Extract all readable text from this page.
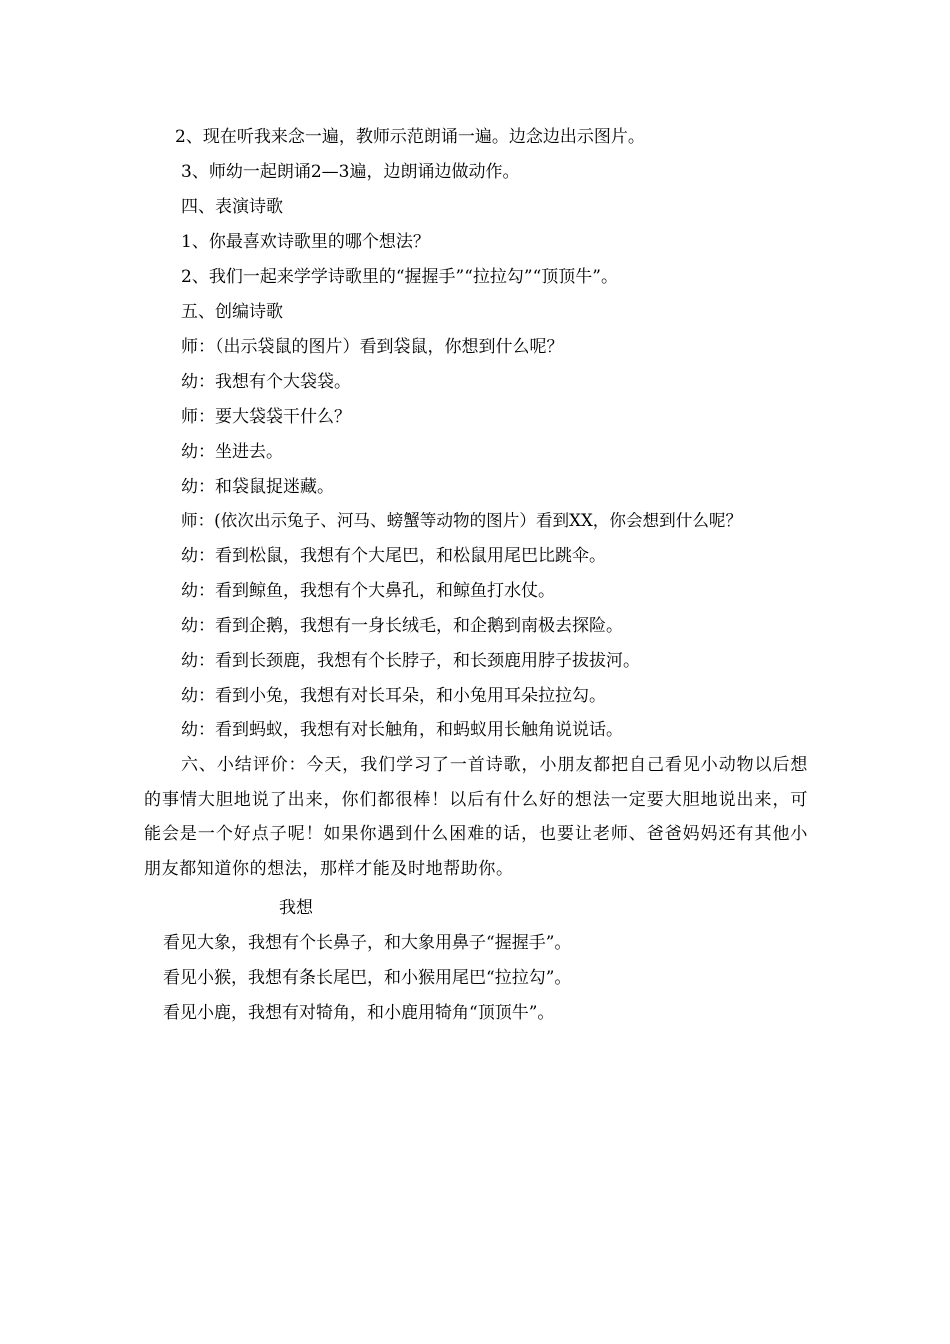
2、现在听我来念一遍，教师示范朗诵一遍。边念边出示图片。
3、师幼一起朗诵2—3遍，边朗诵边做动作。
四、表演诗歌
1、你最喜欢诗歌里的哪个想法？
2、我们一起来学学诗歌里的“握握手”“拉拉勾”“顶顶牛”。
五、创编诗歌
师：（出示袋鼠的图片）看到袋鼠，你想到什么呢？
幼：我想有个大袋袋。
师：要大袋袋干什么？
幼：坐进去。
幼：和袋鼠捉迷藏。
师：(依次出示兔子、河马、螃蟹等动物的图片）看到XX，你会想到什么呢？
幼：看到松鼠，我想有个大尾巴，和松鼠用尾巴比跳伞。
幼：看到鲸鱼，我想有个大鼻孔，和鲸鱼打水仗。
幼：看到企鹅，我想有一身长绒毛，和企鹅到南极去探险。
幼：看到长颈鹿，我想有个长脖子，和长颈鹿用脖子拔拔河。
幼：看到小兔，我想有对长耳朵，和小兔用耳朵拉拉勾。
幼：看到蚂蚁，我想有对长触角，和蚂蚁用长触角说说话。
六、小结评价：今天，我们学习了一首诗歌，小朋友都把自己看见小动物以后想的事情大胆地说了出来，你们都很棒！以后有什么好的想法一定要大胆地说出来，可能会是一个好点子呢！如果你遇到什么困难的话，也要让老师、爸爸妈妈还有其他小朋友都知道你的想法，那样才能及时地帮助你。
我想
看见大象，我想有个长鼻子，和大象用鼻子“握握手”。
看见小猴，我想有条长尾巴，和小猴用尾巴“拉拉勾”。
看见小鹿，我想有对犄角，和小鹿用犄角“顶顶牛”。
